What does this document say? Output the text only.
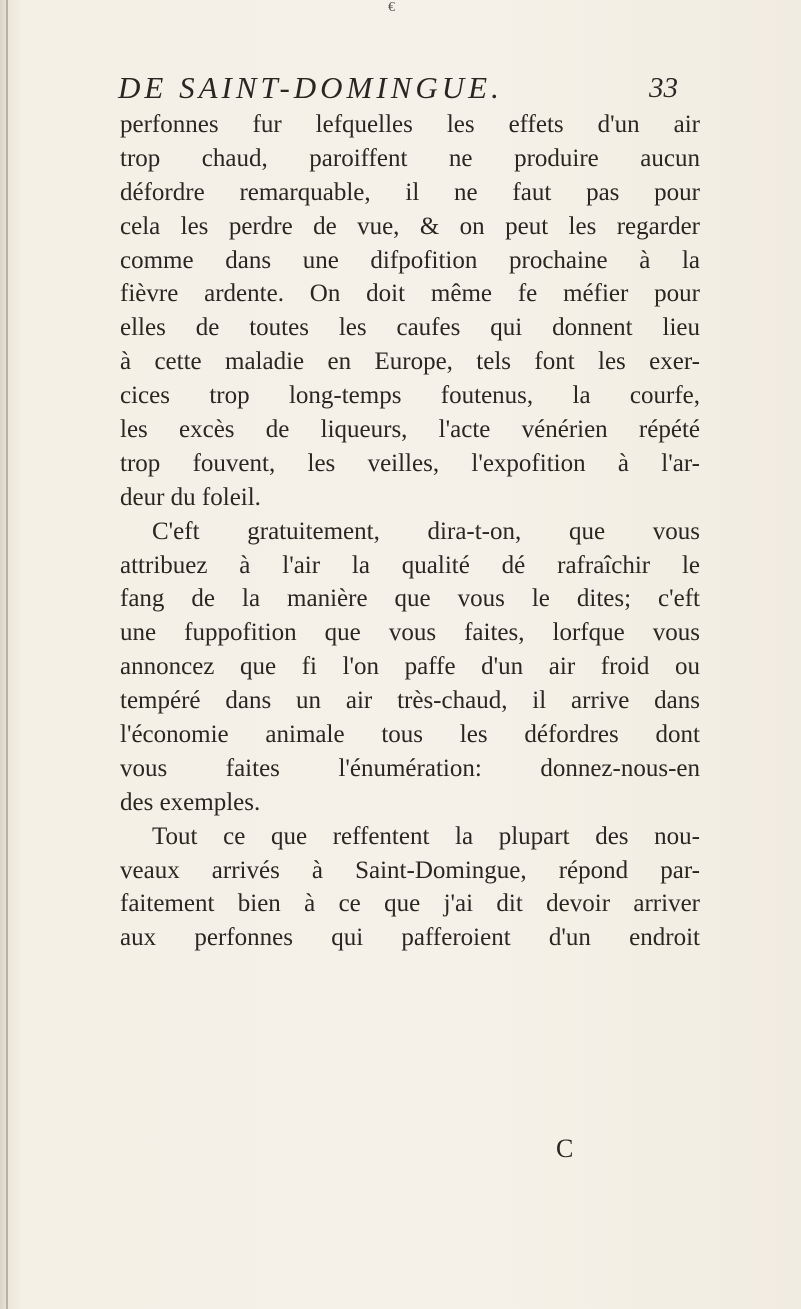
€
DE SAINT-DOMINGUE.	33
perfonnes fur lefquelles les effets d'un air
trop chaud, paroiffent ne produire aucun
défordre remarquable, il ne faut pas pour
cela les perdre de vue, & on peut les regarder
comme dans une difpofition prochaine à la
fièvre ardente. On doit même fe méfier pour
elles de toutes les caufes qui donnent lieu
à cette maladie en Europe, tels font les exer-
cices trop long-temps foutenus, la courfe,
les excès de liqueurs, l'acte vénérien répété
trop fouvent, les veilles, l'expofition à l'ar-
deur du foleil.
C'eft gratuitement, dira-t-on, que vous
attribuez à l'air la qualité dé rafraîchir le
fang de la manière que vous le dites; c'eft
une fuppofition que vous faites, lorfque vous
annoncez que fi l'on paffe d'un air froid ou
tempéré dans un air très-chaud, il arrive dans
l'économie animale tous les défordres dont
vous faites l'énumération: donnez-nous-en
des exemples.
Tout ce que reffentent la plupart des nou-
veaux arrivés à Saint-Domingue, répond par-
faitement bien à ce que j'ai dit devoir arriver
aux perfonnes qui pafferoient d'un endroit
C
